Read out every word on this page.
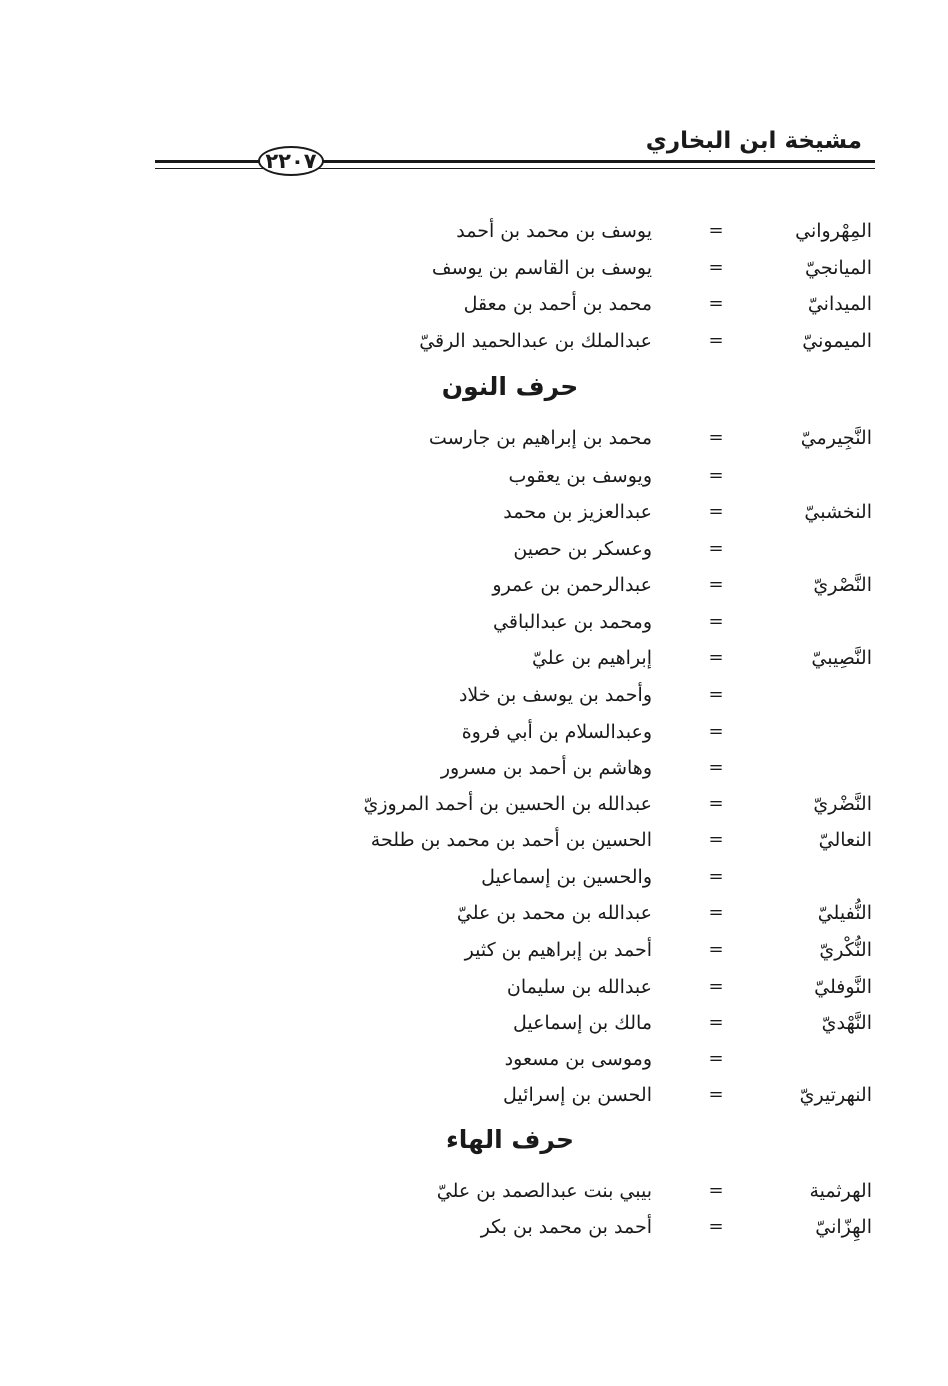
مشيخة ابن البخاري
٢٢٠٧
المِهْرواني
=
يوسف بن محمد بن أحمد
الميانجيّ
=
يوسف بن القاسم بن يوسف
الميدانيّ
=
محمد بن أحمد بن معقل
الميمونيّ
=
عبدالملك بن عبدالحميد الرقيّ
حرف النون
النَّجِيرميّ
=
محمد بن إبراهيم بن جارست
=
ويوسف بن يعقوب
النخشبيّ
=
عبدالعزيز بن محمد
=
وعسكر بن حصين
النَّصْريّ
=
عبدالرحمن بن عمرو
=
ومحمد بن عبدالباقي
النَّصِيبيّ
=
إبراهيم بن عليّ
=
وأحمد بن يوسف بن خلاد
=
وعبدالسلام بن أبي فروة
=
وهاشم بن أحمد بن مسرور
النَّضْريّ
=
عبدالله بن الحسين بن أحمد المروزيّ
النعاليّ
=
الحسين بن أحمد بن محمد بن طلحة
=
والحسين بن إسماعيل
النُّفيليّ
=
عبدالله بن محمد بن عليّ
النُّكْريّ
=
أحمد بن إبراهيم بن كثير
النَّوفليّ
=
عبدالله بن سليمان
النَّهْديّ
=
مالك بن إسماعيل
=
وموسى بن مسعود
النهرتيريّ
=
الحسن بن إسرائيل
حرف الهاء
الهرثمية
=
بيبي بنت عبدالصمد بن عليّ
الهِزّانيّ
=
أحمد بن محمد بن بكر
